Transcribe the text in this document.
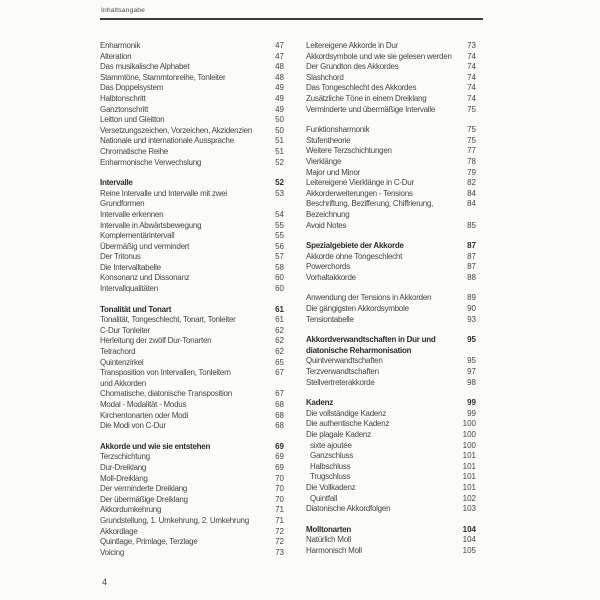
Inhaltsangabe
Enharmonik	47
Alteration	47
Das musikalische Alphabet	48
Stammtöne, Stammtonreihe, Tonleiter	48
Das Doppelsystem	49
Halbtonschritt	49
Ganztonschritt	49
Leitton und Gleitton	50
Versetzungszeichen, Vorzeichen, Akzidenzien	50
Nationale und internationale Aussprache	51
Chromatische Reihe	51
Enharmonische Verwechslung	52
Intervalle	52
Reine Intervalle und Intervalle mit zwei	53
Grundformen
Intervalle erkennen	54
Intervalle in Abwärtsbewegung	55
Komplementärintervall	55
Übermäßig und vermindert	56
Der Tritonus	57
Die Intervalltabelle	58
Konsonanz und Dissonanz	60
Intervallqualitäten	60
Tonalität und Tonart	61
Tonalität, Tongeschlecht, Tonart, Tonleiter	61
C-Dur Tonleiter	62
Herleitung der zwölf Dur-Tonarten	62
Tetrachord	62
Quintenzirkel	65
Transposition von Intervallen, Tonleitern	67
und Akkorden
Chomatische, diatonische Transposition	67
Modal - Modalität - Modus	68
Kirchentonarten oder Modi	68
Die Modi von C-Dur	68
Akkorde und wie sie entstehen	69
Terzschichtung	69
Dur-Dreiklang	69
Moll-Dreiklang	70
Der verminderte Dreiklang	70
Der übermäßige Dreiklang	70
Akkordumkehrung	71
Grundstellung, 1. Umkehrung, 2. Umkehrung	71
Akkordlage	72
Quintlage, Primlage, Terzlage	72
Voicing	73
Leitereigene Akkorde in Dur	73
Akkordsymbole und wie sie gelesen werden 74
Der Grundton des Akkordes	74
Slashchord	74
Das Tongeschlecht des Akkordes	74
Zusätzliche Töne in einem Dreiklang	74
Verminderte und übermäßige Intervalle	75
Funktionsharmonik	75
Stufentheorie	75
Weitere Terzschichtungen	77
Vierklänge	78
Major und Minor	79
Leitereigene Vierklänge in C-Dur	82
Akkorderweiterungen - Tensions	84
Beschriftung, Bezifferung, Chiffrierung,	84
Bezeichnung
Avoid Notes	85
Spezialgebiete der Akkorde	87
Akkorde ohne Tongeschlecht	87
Powerchords	87
Vorhaltakkorde	88
Anwendung der Tensions in Akkorden	89
Die gängigsten Akkordsymbole	90
Tensiontabelle	93
Akkordverwandtschaften in Dur und	95
diatonische Reharmonisation
Quintverwandtschaften	95
Terzverwandtschaften	97
Stellvertreterakkorde	98
Kadenz	99
Die vollständige Kadenz	99
Die authentische Kadenz	100
Die plagale Kadenz	100
sixte ajoutée	100
Ganzschluss	101
Halbschluss	101
Trugschluss	101
Die Vollkadenz	101
Quintfall	102
Diatonische Akkordfolgen	103
Molltonarten	104
Natürlich Moll	104
Harmonisch Moll	105
4
